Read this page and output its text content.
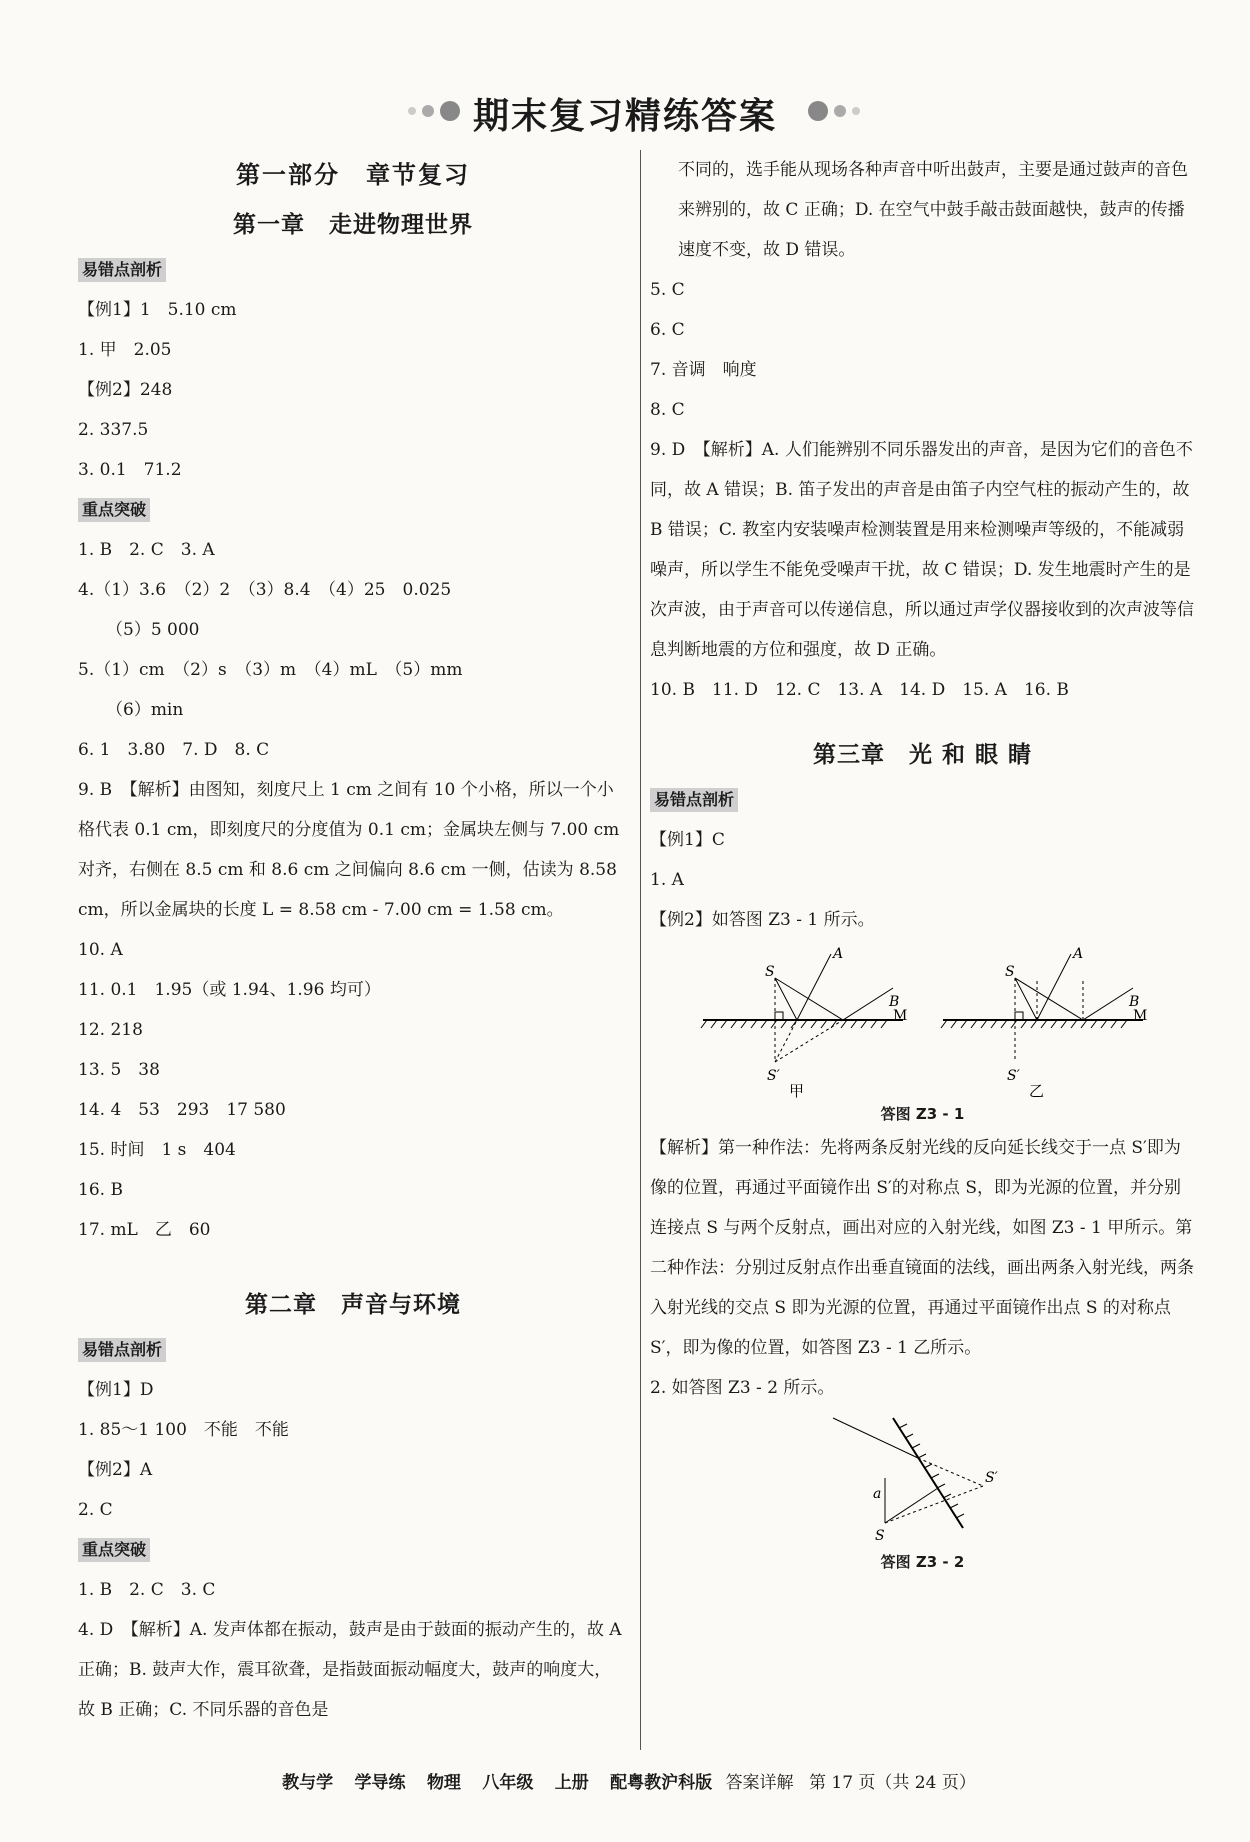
期末复习精练答案
第一部分　章节复习
第一章　走进物理世界
易错点剖析
【例1】1　5.10 cm
1. 甲　2.05
【例2】248
2. 337.5
3. 0.1　71.2
重点突破
1. B　2. C　3. A
4.（1）3.6　（2）2　（3）8.4　（4）25　0.025
（5）5 000
5.（1）cm　（2）s　（3）m　（4）mL　（5）mm
（6）min
6. 1　3.80　7. D　8. C
9. B　【解析】由图知，刻度尺上 1 cm 之间有 10 个小格，所以一个小格代表 0.1 cm，即刻度尺的分度值为 0.1 cm；金属块左侧与 7.00 cm 对齐，右侧在 8.5 cm 和 8.6 cm 之间偏向 8.6 cm 一侧，估读为 8.58 cm，所以金属块的长度 L = 8.58 cm - 7.00 cm = 1.58 cm。
10. A
11. 0.1　1.95（或 1.94、1.96 均可）
12. 218
13. 5　38
14. 4　53　293　17 580
15. 时间　1 s　404
16. B
17. mL　乙　60
第二章　声音与环境
易错点剖析
【例1】D
1. 85～1 100　不能　不能
【例2】A
2. C
重点突破
1. B　2. C　3. C
4. D　【解析】A. 发声体都在振动，鼓声是由于鼓面的振动产生的，故 A 正确；B. 鼓声大作，震耳欲聋，是指鼓面振动幅度大，鼓声的响度大，故 B 正确；C. 不同乐器的音色是
不同的，选手能从现场各种声音中听出鼓声，主要是通过鼓声的音色来辨别的，故 C 正确；D. 在空气中鼓手敲击鼓面越快，鼓声的传播速度不变，故 D 错误。
5. C
6. C
7. 音调　响度
8. C
9. D　【解析】A. 人们能辨别不同乐器发出的声音，是因为它们的音色不同，故 A 错误；B. 笛子发出的声音是由笛子内空气柱的振动产生的，故 B 错误；C. 教室内安装噪声检测装置是用来检测噪声等级的，不能减弱噪声，所以学生不能免受噪声干扰，故 C 错误；D. 发生地震时产生的是次声波，由于声音可以传递信息，所以通过声学仪器接收到的次声波等信息判断地震的方位和强度，故 D 正确。
10. B　11. D　12. C　13. A　14. D　15. A　16. B
第三章　光 和 眼 睛
易错点剖析
【例1】C
1. A
【例2】如答图 Z3 - 1 所示。
S
A
B
M
S′
甲
S
A
B
M
S′
乙
答图 Z3 - 1
【解析】第一种作法：先将两条反射光线的反向延长线交于一点 S′即为像的位置，再通过平面镜作出 S′的对称点 S，即为光源的位置，并分别连接点 S 与两个反射点，画出对应的入射光线，如图 Z3 - 1 甲所示。第二种作法：分别过反射点作出垂直镜面的法线，画出两条入射光线，两条入射光线的交点 S 即为光源的位置，再通过平面镜作出点 S 的对称点 S′，即为像的位置，如答图 Z3 - 1 乙所示。
2. 如答图 Z3 - 2 所示。
a
S
S′
答图 Z3 - 2
教与学 学导练 物理 八年级 上册 配粤教沪科版 答案详解 第 17 页（共 24 页）
